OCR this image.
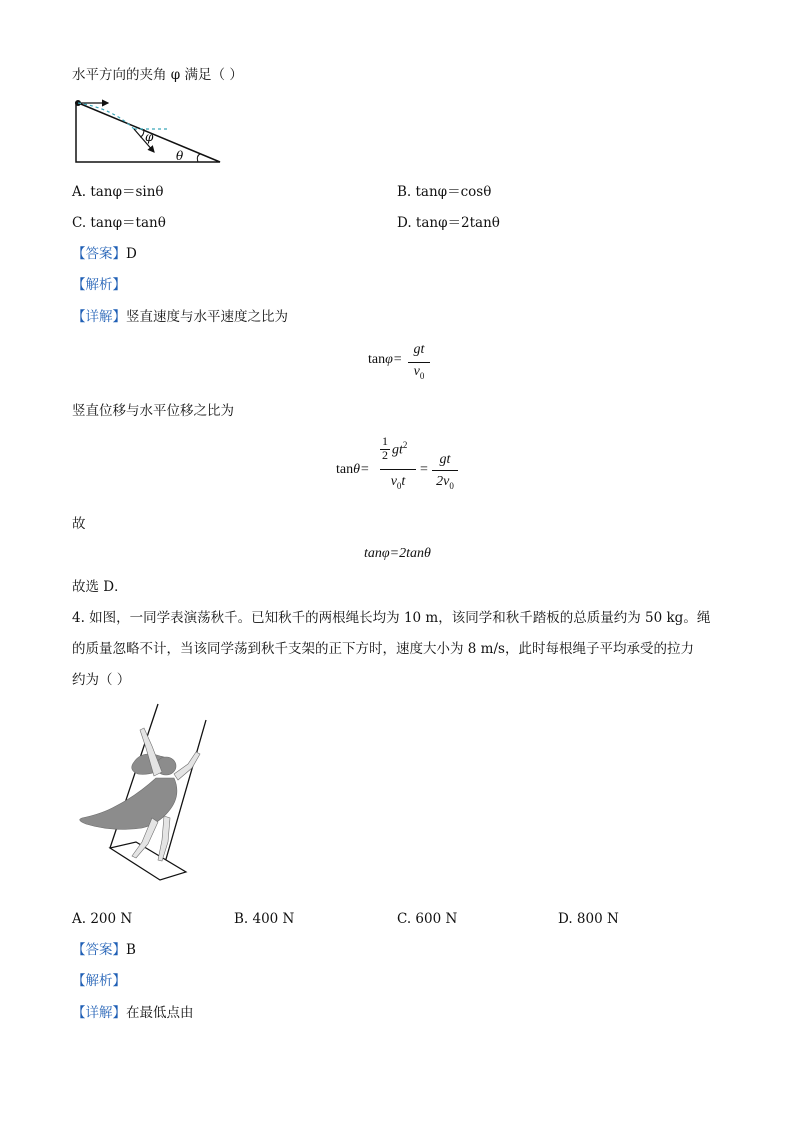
水平方向的夹角 φ 满足（ ）
φ
θ
A. tanφ＝sinθ	B. tanφ＝cosθ
C. tanφ＝tanθ	D. tanφ＝2tanθ
【答案】D
【解析】
【详解】竖直速度与水平速度之比为
tanφ=
gt
$v_0$
竖直位移与水平位移之比为
tanθ=
1
2 $gt^2$
$v_0t$
=
gt
$2v_0$
故
tanφ=2tanθ
故选 D．
4. 如图，一同学表演荡秋千。已知秋千的两根绳长均为 10 m，该同学和秋千踏板的总质量约为 50 kg。绳
的质量忽略不计，当该同学荡到秋千支架的正下方时，速度大小为 8 m/s，此时每根绳子平均承受的拉力
约为（ ）
A. 200 N	B. 400 N	C. 600 N	D. 800 N
【答案】B
【解析】
【详解】在最低点由
